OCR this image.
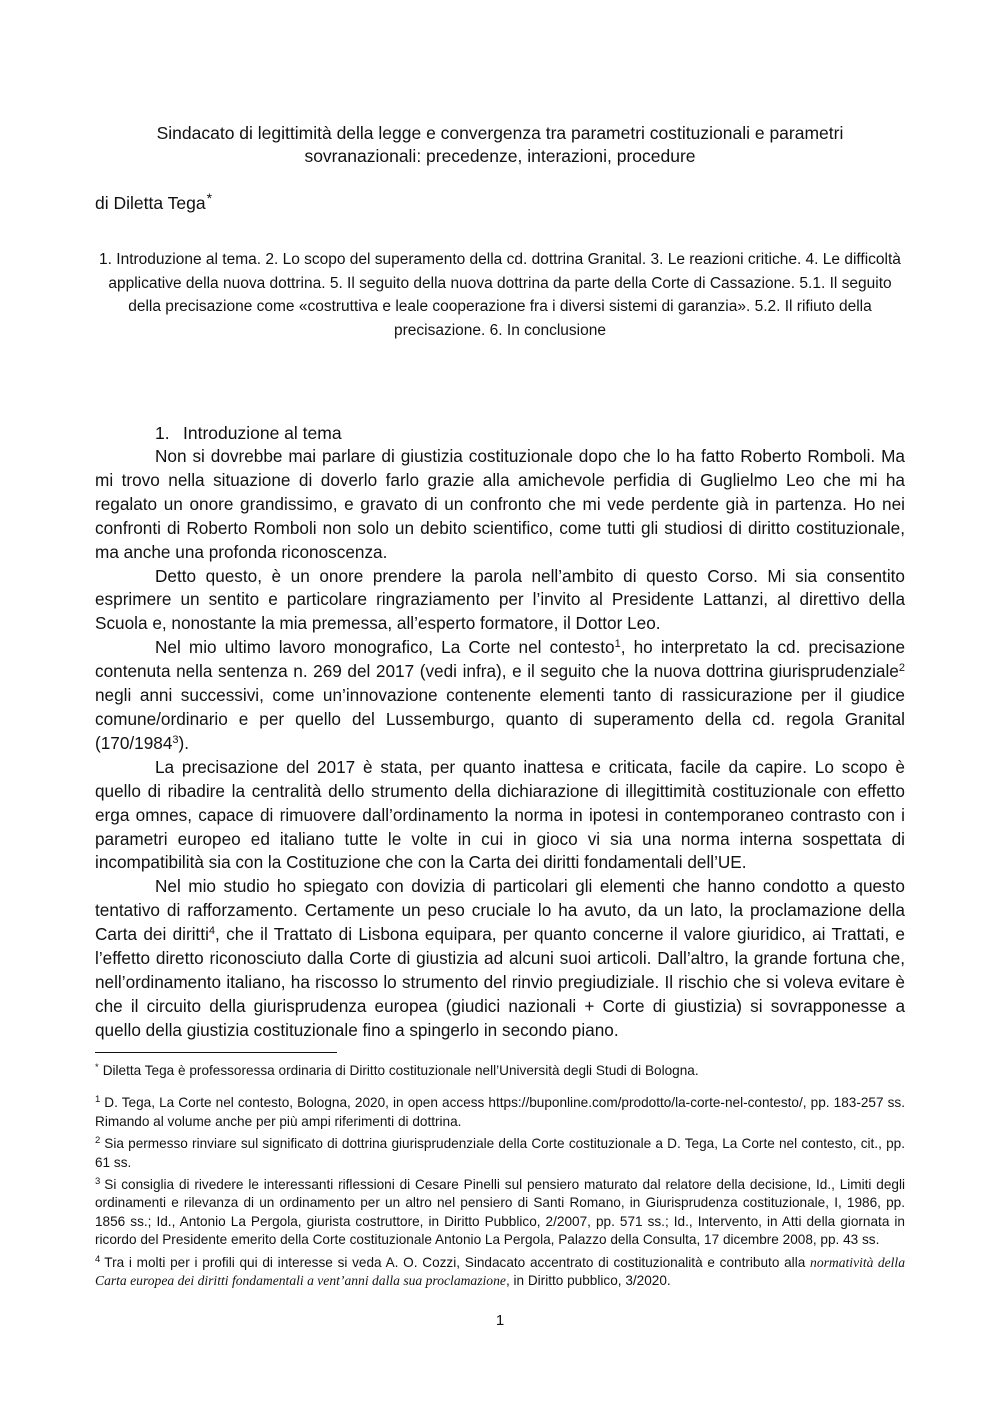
Sindacato di legittimità della legge e convergenza tra parametri costituzionali e parametri
sovranazionali: precedenze, interazioni, procedure
di Diletta Tega*
1. Introduzione al tema. 2. Lo scopo del superamento della cd. dottrina Granital. 3. Le reazioni critiche. 4. Le difficoltà applicative della nuova dottrina. 5. Il seguito della nuova dottrina da parte della Corte di Cassazione. 5.1. Il seguito della precisazione come «costruttiva e leale cooperazione fra i diversi sistemi di garanzia». 5.2. Il rifiuto della precisazione. 6. In conclusione
1. Introduzione al tema

Non si dovrebbe mai parlare di giustizia costituzionale dopo che lo ha fatto Roberto Romboli. Ma mi trovo nella situazione di doverlo farlo grazie alla amichevole perfidia di Guglielmo Leo che mi ha regalato un onore grandissimo, e gravato di un confronto che mi vede perdente già in partenza. Ho nei confronti di Roberto Romboli non solo un debito scientifico, come tutti gli studiosi di diritto costituzionale, ma anche una profonda riconoscenza.

Detto questo, è un onore prendere la parola nell’ambito di questo Corso. Mi sia consentito esprimere un sentito e particolare ringraziamento per l’invito al Presidente Lattanzi, al direttivo della Scuola e, nonostante la mia premessa, all’esperto formatore, il Dottor Leo.

Nel mio ultimo lavoro monografico, La Corte nel contesto$^1$, ho interpretato la cd. precisazione contenuta nella sentenza n. 269 del 2017 (vedi infra), e il seguito che la nuova dottrina giurisprudenziale$^2$ negli anni successivi, come un’innovazione contenente elementi tanto di rassicurazione per il giudice comune/ordinario e per quello del Lussemburgo, quanto di superamento della cd. regola Granital (170/1984$^3$).

La precisazione del 2017 è stata, per quanto inattesa e criticata, facile da capire. Lo scopo è quello di ribadire la centralità dello strumento della dichiarazione di illegittimità costituzionale con effetto erga omnes, capace di rimuovere dall’ordinamento la norma in ipotesi in contemporaneo contrasto con i parametri europeo ed italiano tutte le volte in cui in gioco vi sia una norma interna sospettata di incompatibilità sia con la Costituzione che con la Carta dei diritti fondamentali dell’UE.

Nel mio studio ho spiegato con dovizia di particolari gli elementi che hanno condotto a questo tentativo di rafforzamento. Certamente un peso cruciale lo ha avuto, da un lato, la proclamazione della Carta dei diritti$^4$, che il Trattato di Lisbona equipara, per quanto concerne il valore giuridico, ai Trattati, e l’effetto diretto riconosciuto dalla Corte di giustizia ad alcuni suoi articoli. Dall’altro, la grande fortuna che, nell’ordinamento italiano, ha riscosso lo strumento del rinvio pregiudiziale. Il rischio che si voleva evitare è che il circuito della giurisprudenza europea (giudici nazionali + Corte di giustizia) si sovrapponesse a quello della giustizia costituzionale fino a spingerlo in secondo piano.

* Diletta Tega è professoressa ordinaria di Diritto costituzionale nell’Università degli Studi di Bologna.

$^1$ D. Tega, La Corte nel contesto, Bologna, 2020, in open access https://buponline.com/prodotto/la-corte-nel-contesto/, pp. 183-257 ss. Rimando al volume anche per più ampi riferimenti di dottrina.

$^2$ Sia permesso rinviare sul significato di dottrina giurisprudenziale della Corte costituzionale a D. Tega, La Corte nel contesto, cit., pp. 61 ss.

$^3$ Si consiglia di rivedere le interessanti riflessioni di Cesare Pinelli sul pensiero maturato dal relatore della decisione, Id., Limiti degli ordinamenti e rilevanza di un ordinamento per un altro nel pensiero di Santi Romano, in Giurisprudenza costituzionale, I, 1986, pp. 1856 ss.; Id., Antonio La Pergola, giurista costruttore, in Diritto Pubblico, 2/2007, pp. 571 ss.; Id., Intervento, in Atti della giornata in ricordo del Presidente emerito della Corte costituzionale Antonio La Pergola, Palazzo della Consulta, 17 dicembre 2008, pp. 43 ss.

$^4$ Tra i molti per i profili qui di interesse si veda A. O. Cozzi, Sindacato accentrato di costituzionalità e contributo alla normatività della Carta europea dei diritti fondamentali a vent’anni dalla sua proclamazione, in Diritto pubblico, 3/2020.

1
